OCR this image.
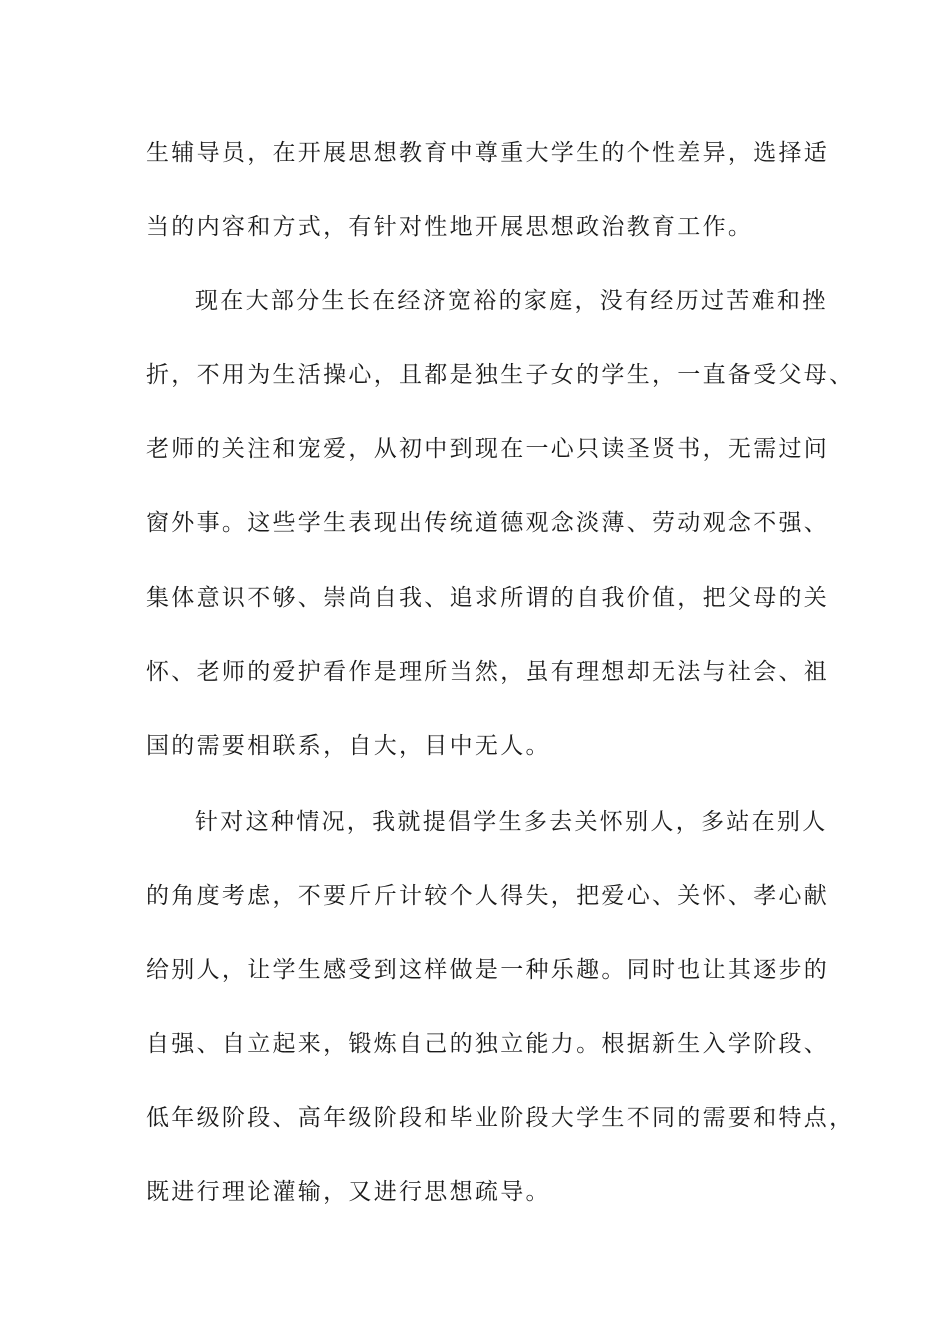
生辅导员，在开展思想教育中尊重大学生的个性差异，选择适
当的内容和方式，有针对性地开展思想政治教育工作。
现在大部分生长在经济宽裕的家庭，没有经历过苦难和挫
折，不用为生活操心，且都是独生子女的学生，一直备受父母、
老师的关注和宠爱，从初中到现在一心只读圣贤书，无需过问
窗外事。这些学生表现出传统道德观念淡薄、劳动观念不强、
集体意识不够、崇尚自我、追求所谓的自我价值，把父母的关
怀、老师的爱护看作是理所当然，虽有理想却无法与社会、祖
国的需要相联系，自大，目中无人。
针对这种情况，我就提倡学生多去关怀别人，多站在别人
的角度考虑，不要斤斤计较个人得失，把爱心、关怀、孝心献
给别人，让学生感受到这样做是一种乐趣。同时也让其逐步的
自强、自立起来，锻炼自己的独立能力。根据新生入学阶段、
低年级阶段、高年级阶段和毕业阶段大学生不同的需要和特点，
既进行理论灌输，又进行思想疏导。
